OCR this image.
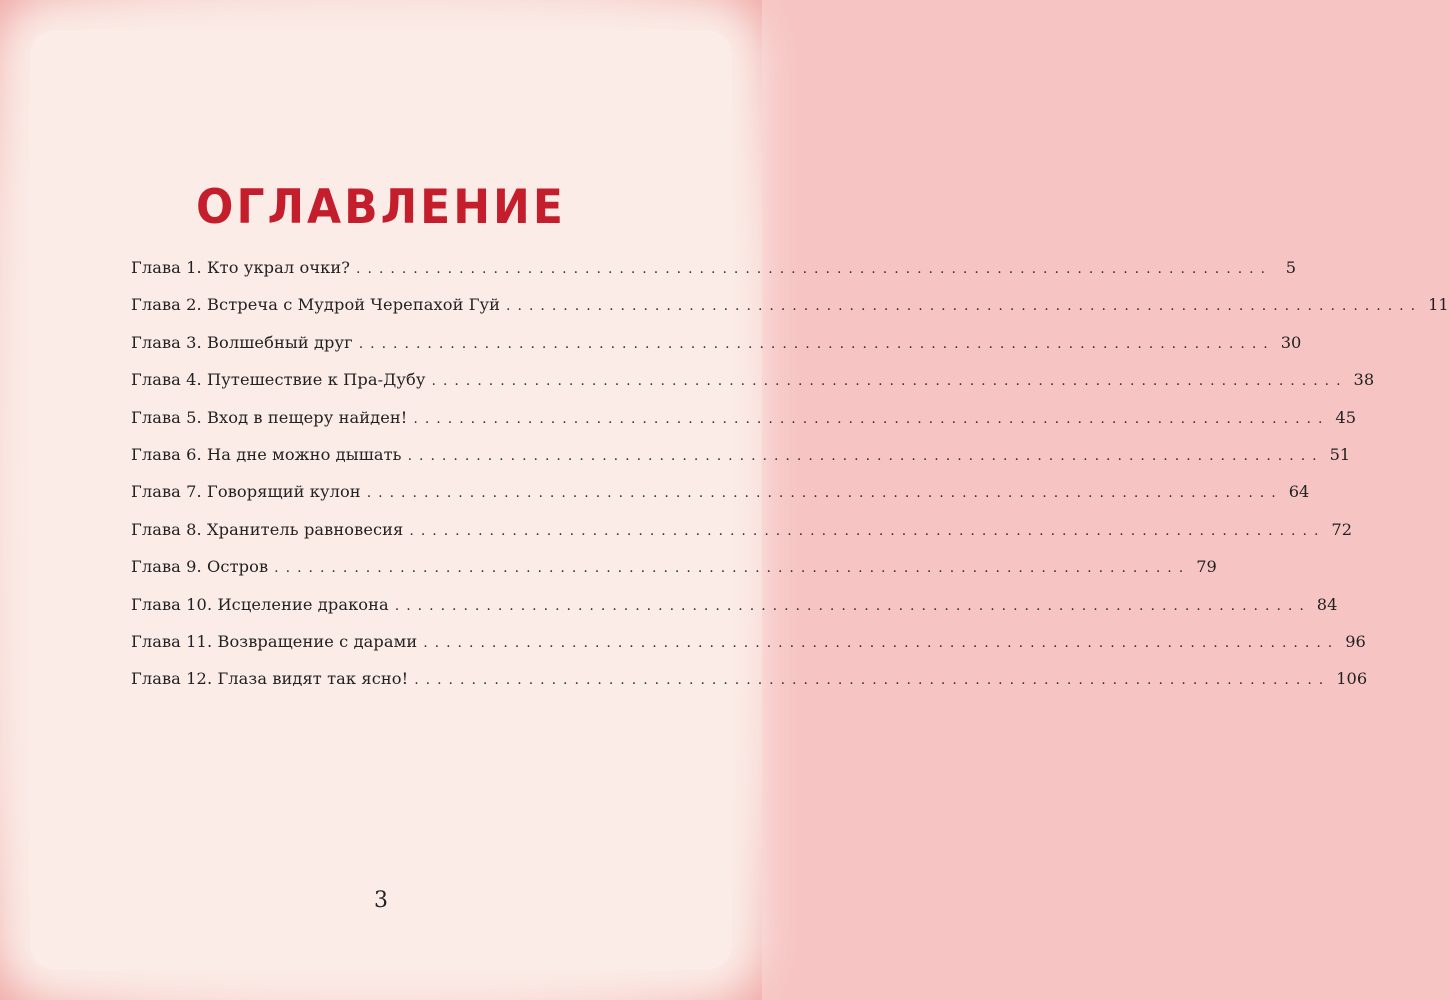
ОГЛАВЛЕНИЕ
Глава 1. Кто украл очки? ................................................................................ 5
Глава 2. Встреча с Мудрой Черепахой Гуй ................................................................................ 11
Глава 3. Волшебный друг ................................................................................ 30
Глава 4. Путешествие к Пра-Дубу ................................................................................ 38
Глава 5. Вход в пещеру найден! ................................................................................ 45
Глава 6. На дне можно дышать ................................................................................ 51
Глава 7. Говорящий кулон ................................................................................ 64
Глава 8. Хранитель равновесия ................................................................................ 72
Глава 9. Остров ................................................................................ 79
Глава 10. Исцеление дракона ................................................................................ 84
Глава 11. Возвращение с дарами ................................................................................ 96
Глава 12. Глаза видят так ясно! ................................................................................ 106
3
